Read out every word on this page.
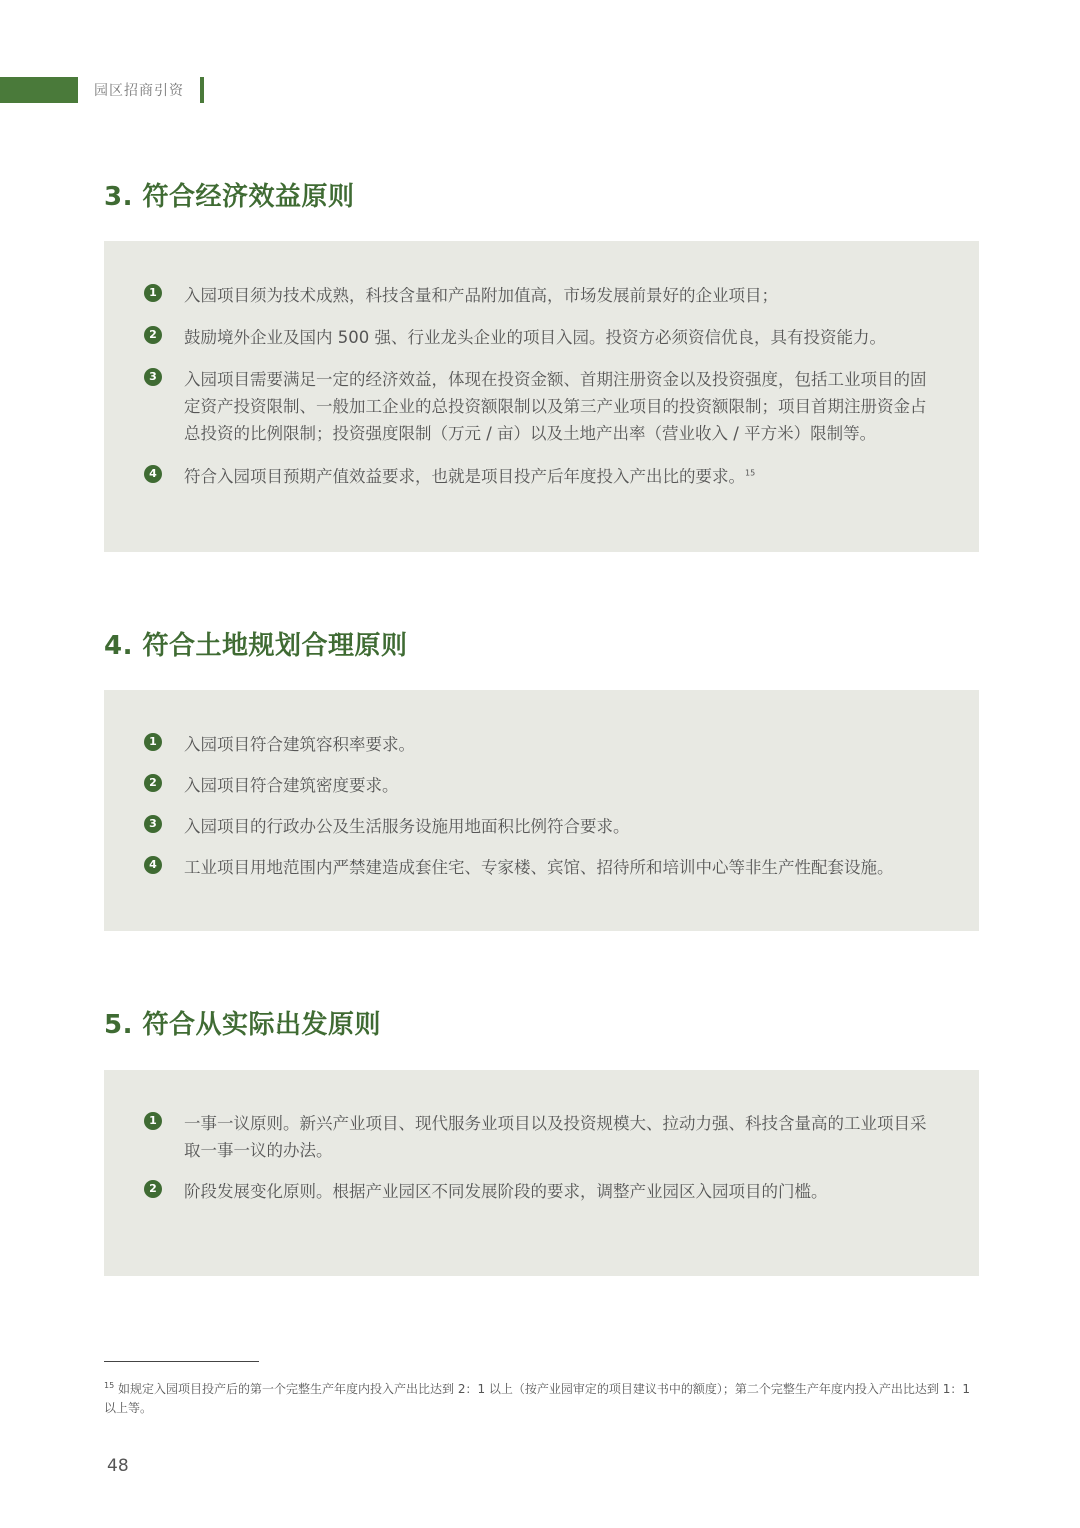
园区招商引资
3. 符合经济效益原则
1	入园项目须为技术成熟，科技含量和产品附加值高，市场发展前景好的企业项目；
2	鼓励境外企业及国内 500 强、行业龙头企业的项目入园。投资方必须资信优良，具有投资能力。
3	入园项目需要满足一定的经济效益，体现在投资金额、首期注册资金以及投资强度，包括工业项目的固定资产投资限制、一般加工企业的总投资额限制以及第三产业项目的投资额限制；项目首期注册资金占总投资的比例限制；投资强度限制（万元 / 亩）以及土地产出率（营业收入 / 平方米）限制等。
4	符合入园项目预期产值效益要求，也就是项目投产后年度投入产出比的要求。$^{15}$
4. 符合土地规划合理原则
1	入园项目符合建筑容积率要求。
2	入园项目符合建筑密度要求。
3	入园项目的行政办公及生活服务设施用地面积比例符合要求。
4	工业项目用地范围内严禁建造成套住宅、专家楼、宾馆、招待所和培训中心等非生产性配套设施。
5. 符合从实际出发原则
1	一事一议原则。新兴产业项目、现代服务业项目以及投资规模大、拉动力强、科技含量高的工业项目采取一事一议的办法。
2	阶段发展变化原则。根据产业园区不同发展阶段的要求，调整产业园区入园项目的门槛。
$^{15}$ 如规定入园项目投产后的第一个完整生产年度内投入产出比达到 2：1 以上（按产业园审定的项目建议书中的额度）；第二个完整生产年度内投入产出比达到 1：1 以上等。
48
